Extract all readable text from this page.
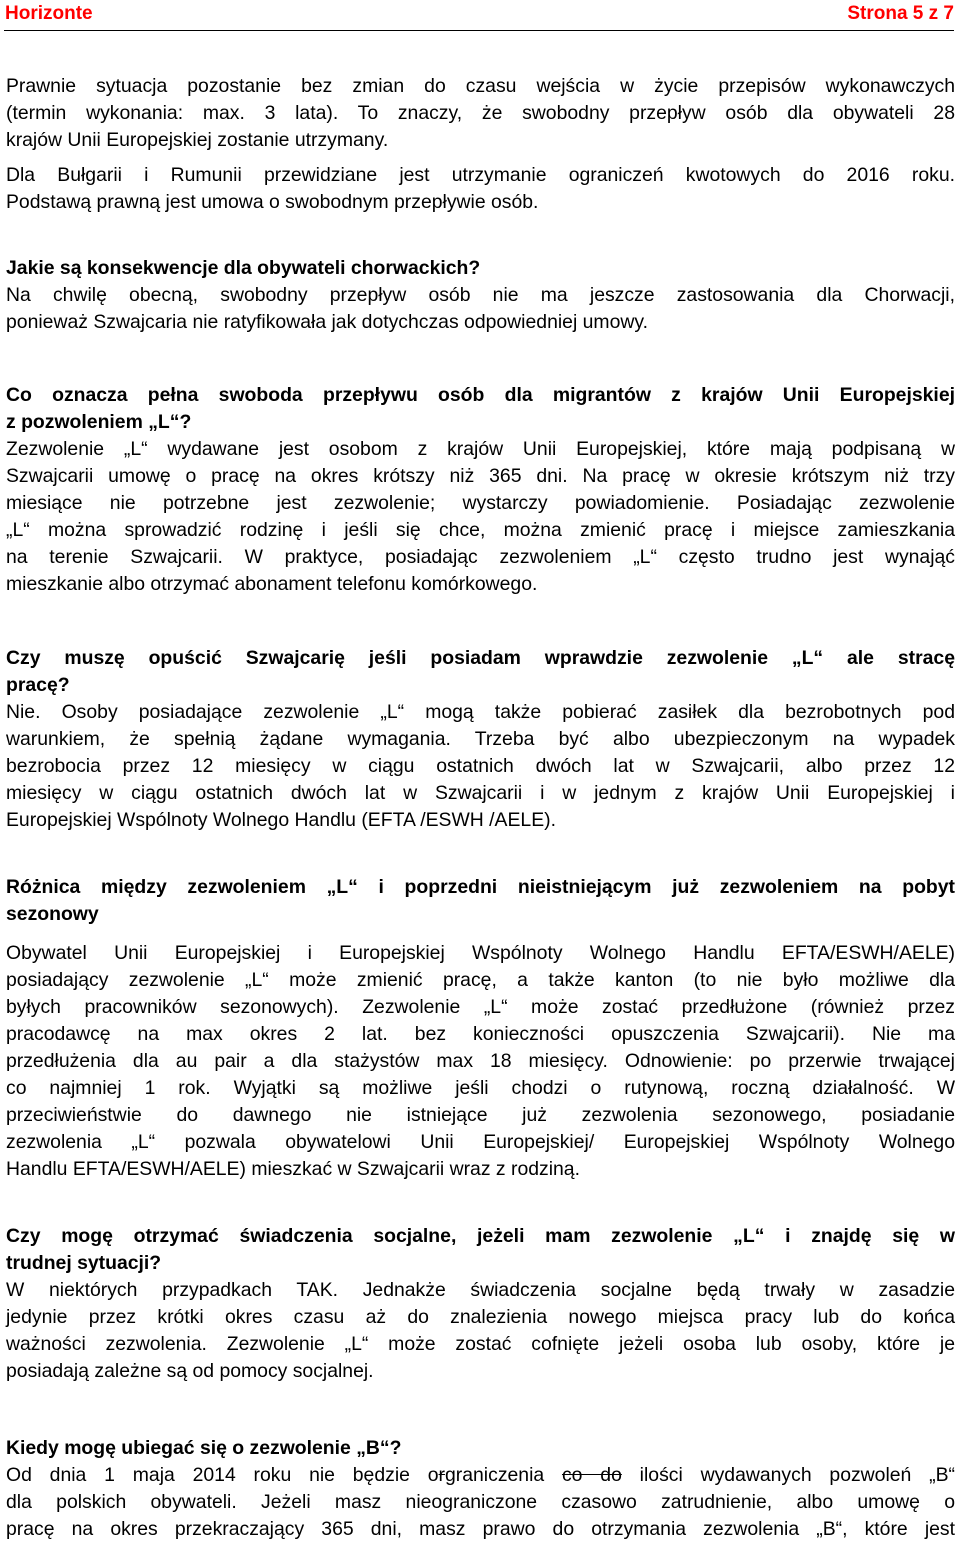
Horizonte	Strona 5 z 7
Prawnie sytuacja pozostanie bez zmian do czasu wejścia w życie przepisów wykonawczych
(termin wykonania: max. 3 lata). To znaczy, że swobodny przepływ osób dla obywateli 28
krajów Unii Europejskiej zostanie utrzymany.
Dla Bułgarii i Rumunii przewidziane jest utrzymanie ograniczeń kwotowych do 2016 roku.
Podstawą prawną jest umowa o swobodnym przepływie osób.
Jakie są konsekwencje dla obywateli chorwackich?
Na chwilę obecną, swobodny przepływ osób nie ma jeszcze zastosowania dla Chorwacji,
ponieważ Szwajcaria nie ratyfikowała jak dotychczas odpowiedniej umowy.
Co oznacza pełna swoboda przepływu osób dla migrantów z krajów Unii Europejskiej
z pozwoleniem „L“?
Zezwolenie „L“ wydawane jest osobom z krajów Unii Europejskiej, które mają podpisaną w
Szwajcarii umowę o pracę na okres krótszy niż 365 dni. Na pracę w okresie krótszym niż trzy
miesiące nie potrzebne jest zezwolenie; wystarczy powiadomienie. Posiadając zezwolenie
„L“ można sprowadzić rodzinę i jeśli się chce, można zmienić pracę i miejsce zamieszkania
na terenie Szwajcarii. W praktyce, posiadając zezwoleniem „L“ często trudno jest wynająć
mieszkanie albo otrzymać abonament telefonu komórkowego.
Czy muszę opuścić Szwajcarię jeśli posiadam wprawdzie zezwolenie „L“ ale stracę
pracę?
Nie. Osoby posiadające zezwolenie „L“ mogą także pobierać zasiłek dla bezrobotnych pod
warunkiem, że spełnią żądane wymagania. Trzeba być albo ubezpieczonym na wypadek
bezrobocia przez 12 miesięcy w ciągu ostatnich dwóch lat w Szwajcarii, albo przez 12
miesięcy w ciągu ostatnich dwóch lat w Szwajcarii i w jednym z krajów Unii Europejskiej i
Europejskiej Wspólnoty Wolnego Handlu (EFTA /ESWH /AELE).
Różnica między zezwoleniem „L“ i poprzedni nieistniejącym już zezwoleniem na pobyt
sezonowy
Obywatel Unii Europejskiej i Europejskiej Wspólnoty Wolnego Handlu EFTA/ESWH/AELE)
posiadający zezwolenie „L“ może zmienić pracę, a także kanton (to nie było możliwe dla
byłych pracowników sezonowych). Zezwolenie „L“ może zostać przedłużone (również przez
pracodawcę na max okres 2 lat. bez konieczności opuszczenia Szwajcarii). Nie ma
przedłużenia dla au pair a dla stażystów max 18 miesięcy. Odnowienie: po przerwie trwającej
co najmniej 1 rok. Wyjątki są możliwe jeśli chodzi o rutynową, roczną działalność. W
przeciwieństwie do dawnego nie istniejące już zezwolenia sezonowego, posiadanie
zezwolenia „L“ pozwala obywatelowi Unii Europejskiej/ Europejskiej Wspólnoty Wolnego
Handlu EFTA/ESWH/AELE) mieszkać w Szwajcarii wraz z rodziną.
Czy mogę otrzymać świadczenia socjalne, jeżeli mam zezwolenie „L“ i znajdę się w
trudnej sytuacji?
W niektórych przypadkach TAK. Jednakże świadczenia socjalne będą trwały w zasadzie
jedynie przez krótki okres czasu aż do znalezienia nowego miejsca pracy lub do końca
ważności zezwolenia. Zezwolenie „L“ może zostać cofnięte jeżeli osoba lub osoby, które je
posiadają zależne są od pomocy socjalnej.
Kiedy mogę ubiegać się o zezwolenie „B“?
Od dnia 1 maja 2014 roku nie będzie orgraniczenia co do ilości wydawanych pozwoleń „B“
dla polskich obywateli. Jeżeli masz nieograniczone czasowo zatrudnienie, albo umowę o
pracę na okres przekraczający 365 dni, masz prawo do otrzymania zezwolenia „B“, które jest
